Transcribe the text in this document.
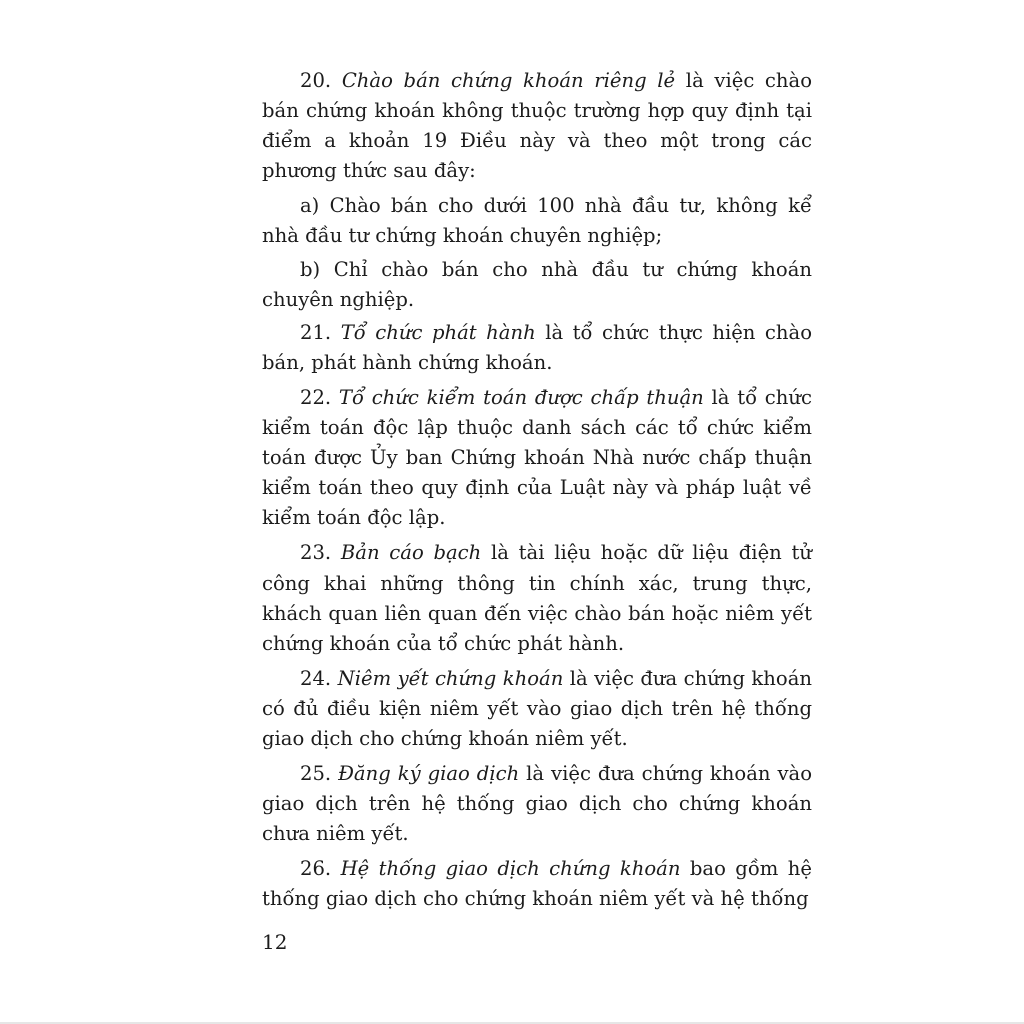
20. Chào bán chứng khoán riêng lẻ là việc chào bán chứng khoán không thuộc trường hợp quy định tại điểm a khoản 19 Điều này và theo một trong các phương thức sau đây:

a) Chào bán cho dưới 100 nhà đầu tư, không kể nhà đầu tư chứng khoán chuyên nghiệp;

b) Chỉ chào bán cho nhà đầu tư chứng khoán chuyên nghiệp.

21. Tổ chức phát hành là tổ chức thực hiện chào bán, phát hành chứng khoán.

22. Tổ chức kiểm toán được chấp thuận là tổ chức kiểm toán độc lập thuộc danh sách các tổ chức kiểm toán được Ủy ban Chứng khoán Nhà nước chấp thuận kiểm toán theo quy định của Luật này và pháp luật về kiểm toán độc lập.

23. Bản cáo bạch là tài liệu hoặc dữ liệu điện tử công khai những thông tin chính xác, trung thực, khách quan liên quan đến việc chào bán hoặc niêm yết chứng khoán của tổ chức phát hành.

24. Niêm yết chứng khoán là việc đưa chứng khoán có đủ điều kiện niêm yết vào giao dịch trên hệ thống giao dịch cho chứng khoán niêm yết.

25. Đăng ký giao dịch là việc đưa chứng khoán vào giao dịch trên hệ thống giao dịch cho chứng khoán chưa niêm yết.

26. Hệ thống giao dịch chứng khoán bao gồm hệ thống giao dịch cho chứng khoán niêm yết và hệ thống

12
